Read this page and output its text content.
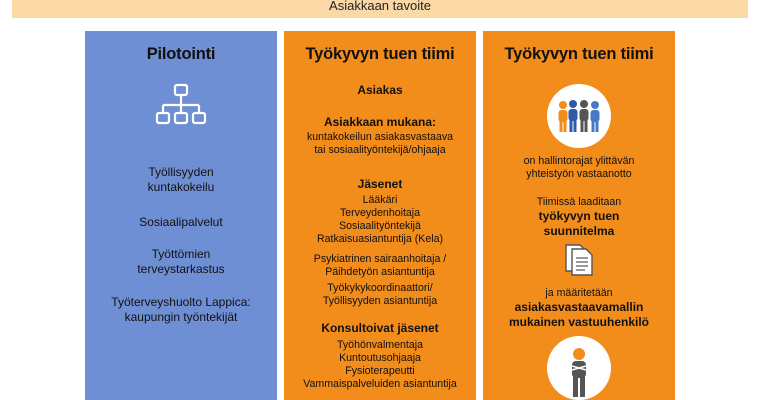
Asiakkaan tavoite
Pilotointi
Työllisyyden kuntakokeilu
Sosiaalipalvelut
Työttömien terveystarkastus
Työterveyshuolto Lappica: kaupungin työntekijät
Työkyvyn tuen tiimi
Asiakas
Asiakkaan mukana:
kuntakokeilun asiakasvastaava
tai sosiaalityöntekijä/ohjaaja
Jäsenet
Lääkäri
Terveydenhoitaja
Sosiaalityöntekijä
Ratkaisuasiantuntija (Kela)
Psykiatrinen sairaanhoitaja / Päihdetyön asiantuntija
Työkykykoordinaattori/ Työllisyyden asiantuntija
Konsultoivat jäsenet
Työhönvalmentaja
Kuntoutusohjaaja
Fysioterapeutti
Vammaispalveluiden asiantuntija
Työkyvyn tuen tiimi
on hallintorajat ylittävän
yhteistyön vastaanotto
Tiimissä laaditaan
työkyvyn tuen
suunnitelma
ja määritetään
asiakasvastaavamallin
mukainen vastuuhenkilö
